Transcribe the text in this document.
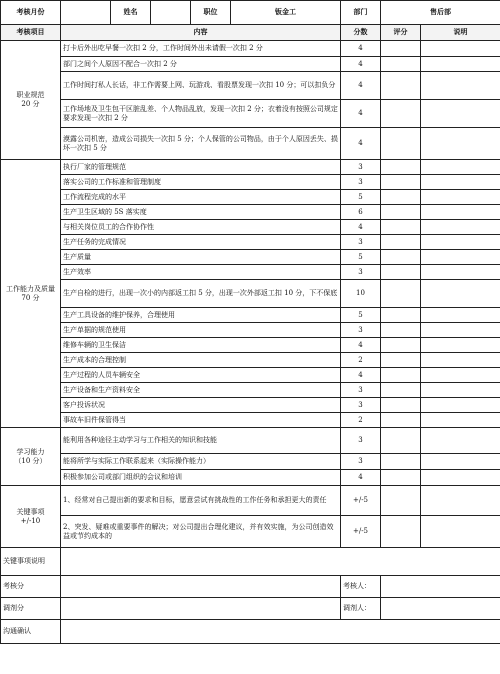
考核月份		姓名		职位	钣金工	部门	售后部	
考核项目	内容					分数	评分	说明
职业规范
20 分	打卡后外出吃早餐一次扣 2 分，工作时间外出未请假一次扣 2 分					4		
	部门之间个人原因不配合一次扣 2 分					4		
	工作时间打私人长话，非工作需要上网、玩游戏、看股票发现一次扣 10 分；可以扣负分					4		
	工作场地及卫生包干区脏乱差、个人物品乱放，发现一次扣 2 分；衣着没有按照公司规定要求发现一次扣 2 分					4		
	漠露公司机密，造成公司损失一次扣 5 分；个人保管的公司物品，由于个人原因丢失、损坏一次扣 5 分					4		
工作能力及质量
70 分	执行厂家的管理规范					3		
	落实公司的工作标准和管理制度					3		
	工作流程完成的水平					5		
	生产卫生区域的 5S 落实度					6		
	与相关岗位员工的合作协作性					4		
	生产任务的完成情况					3		
	生产质量					5		
	生产效率					3		
	生产自检的进行，出现一次小的内部返工扣 5 分，出现一次外部返工扣 10 分，下不保底					10		
	生产工具设备的维护保养，合理使用					5		
	生产单据的规范使用					3		
	维修车辆的卫生保洁					4		
	生产成本的合理控制					2		
	生产过程的人员车辆安全					4		
	生产设备和生产资料安全					3		
	客户投诉状况					3		
	事故车旧件保管得当					2		
学习能力
（10 分）	能利用各种途径主动学习与工作相关的知识和技能					3		
	能将所学与实际工作联系起来（实际操作能力）					3		
	积极参加公司或部门组织的会议和培训					4		
关键事项
+/-10	1、经常对自己提出新的要求和目标，愿意尝试有挑战性的工作任务和承担更大的责任					+/-5		
	2、突发、疑难或重要事件的解决；对公司提出合理化建议，并有效实施，为公司创造效益或节约成本的					+/-5		
关键事项说明								
考核分						考核人：		
调剂分						调剂人：		
沟通确认								
